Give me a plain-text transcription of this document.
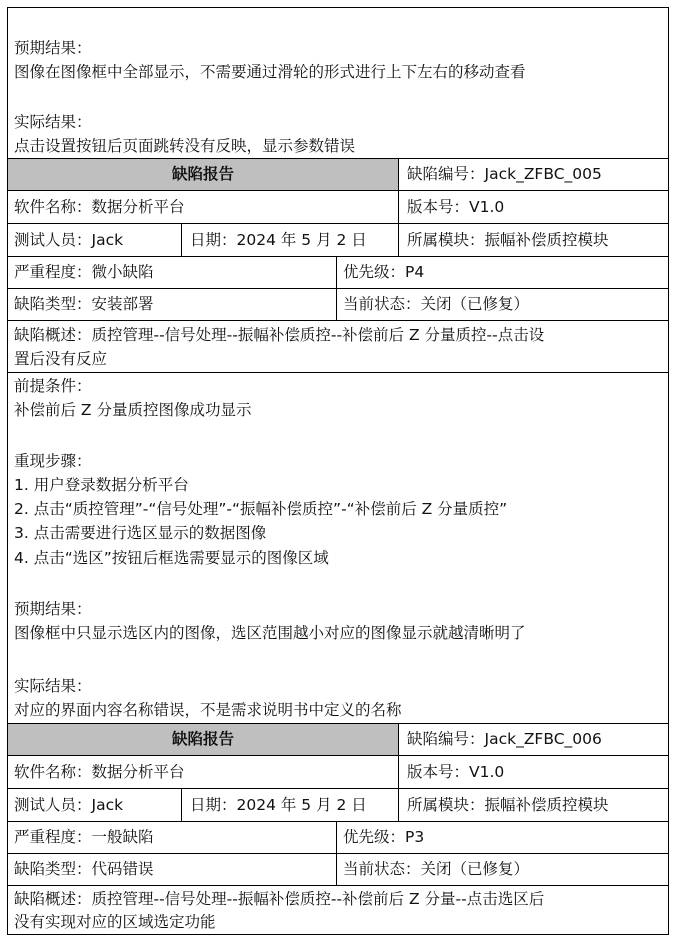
预期结果：
图像在图像框中全部显示，不需要通过滑轮的形式进行上下左右的移动查看
实际结果：
点击设置按钮后页面跳转没有反映，显示参数错误
缺陷报告	缺陷编号：Jack_ZFBC_005
软件名称：数据分析平台	版本号：V1.0
测试人员：Jack	日期：2024 年 5 月 2 日	所属模块：振幅补偿质控模块
严重程度：微小缺陷	优先级：P4
缺陷类型：安装部署	当前状态：关闭（已修复）
缺陷概述：质控管理--信号处理--振幅补偿质控--补偿前后 Z 分量质控--点击设
置后没有反应
前提条件：
补偿前后 Z 分量质控图像成功显示
重现步骤：
1. 用户登录数据分析平台
2. 点击“质控管理”-“信号处理”-“振幅补偿质控”-“补偿前后 Z 分量质控”
3. 点击需要进行选区显示的数据图像
4. 点击“选区”按钮后框选需要显示的图像区域
预期结果：
图像框中只显示选区内的图像，选区范围越小对应的图像显示就越清晰明了
实际结果：
对应的界面内容名称错误，不是需求说明书中定义的名称
缺陷报告	缺陷编号：Jack_ZFBC_006
软件名称：数据分析平台	版本号：V1.0
测试人员：Jack	日期：2024 年 5 月 2 日	所属模块：振幅补偿质控模块
严重程度：一般缺陷	优先级：P3
缺陷类型：代码错误	当前状态：关闭（已修复）
缺陷概述：质控管理--信号处理--振幅补偿质控--补偿前后 Z 分量--点击选区后
没有实现对应的区域选定功能
